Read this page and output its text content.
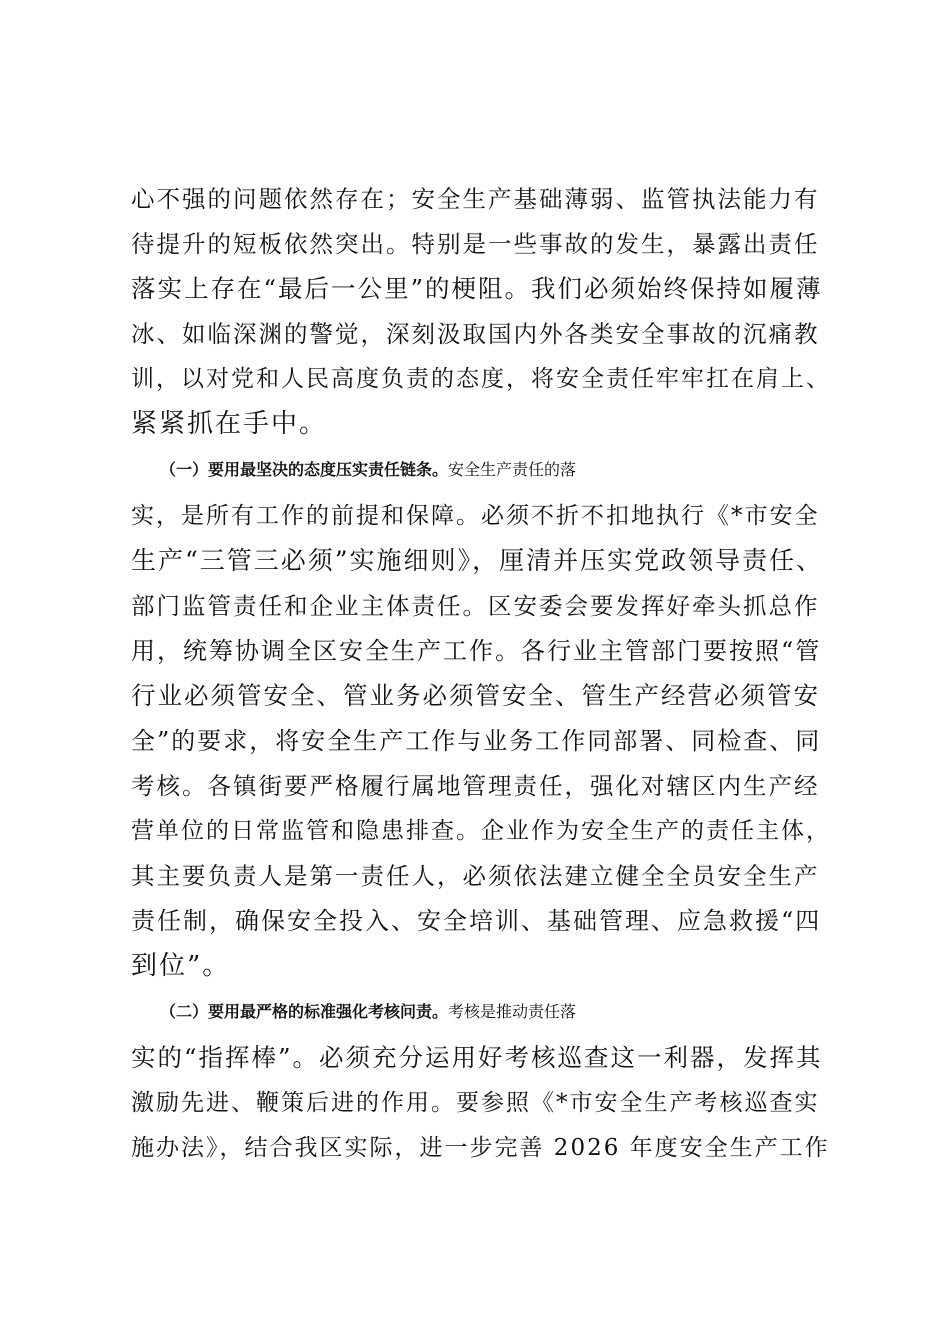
心不强的问题依然存在；安全生产基础薄弱、监管执法能力有
待提升的短板依然突出。特别是一些事故的发生，暴露出责任
落实上存在“最后一公里”的梗阻。我们必须始终保持如履薄
冰、如临深渊的警觉，深刻汲取国内外各类安全事故的沉痛教
训，以对党和人民高度负责的态度，将安全责任牢牢扛在肩上、
紧紧抓在手中。
（一）要用最坚决的态度压实责任链条。安全生产责任的落
实，是所有工作的前提和保障。必须不折不扣地执行《*市安全
生产“三管三必须”实施细则》，厘清并压实党政领导责任、
部门监管责任和企业主体责任。区安委会要发挥好牵头抓总作
用，统筹协调全区安全生产工作。各行业主管部门要按照“管
行业必须管安全、管业务必须管安全、管生产经营必须管安
全”的要求，将安全生产工作与业务工作同部署、同检查、同
考核。各镇街要严格履行属地管理责任，强化对辖区内生产经
营单位的日常监管和隐患排查。企业作为安全生产的责任主体，
其主要负责人是第一责任人，必须依法建立健全全员安全生产
责任制，确保安全投入、安全培训、基础管理、应急救援“四
到位”。
（二）要用最严格的标准强化考核问责。考核是推动责任落
实的“指挥棒”。必须充分运用好考核巡查这一利器，发挥其
激励先进、鞭策后进的作用。要参照《*市安全生产考核巡查实
施办法》，结合我区实际，进一步完善 2026 年度安全生产工作
